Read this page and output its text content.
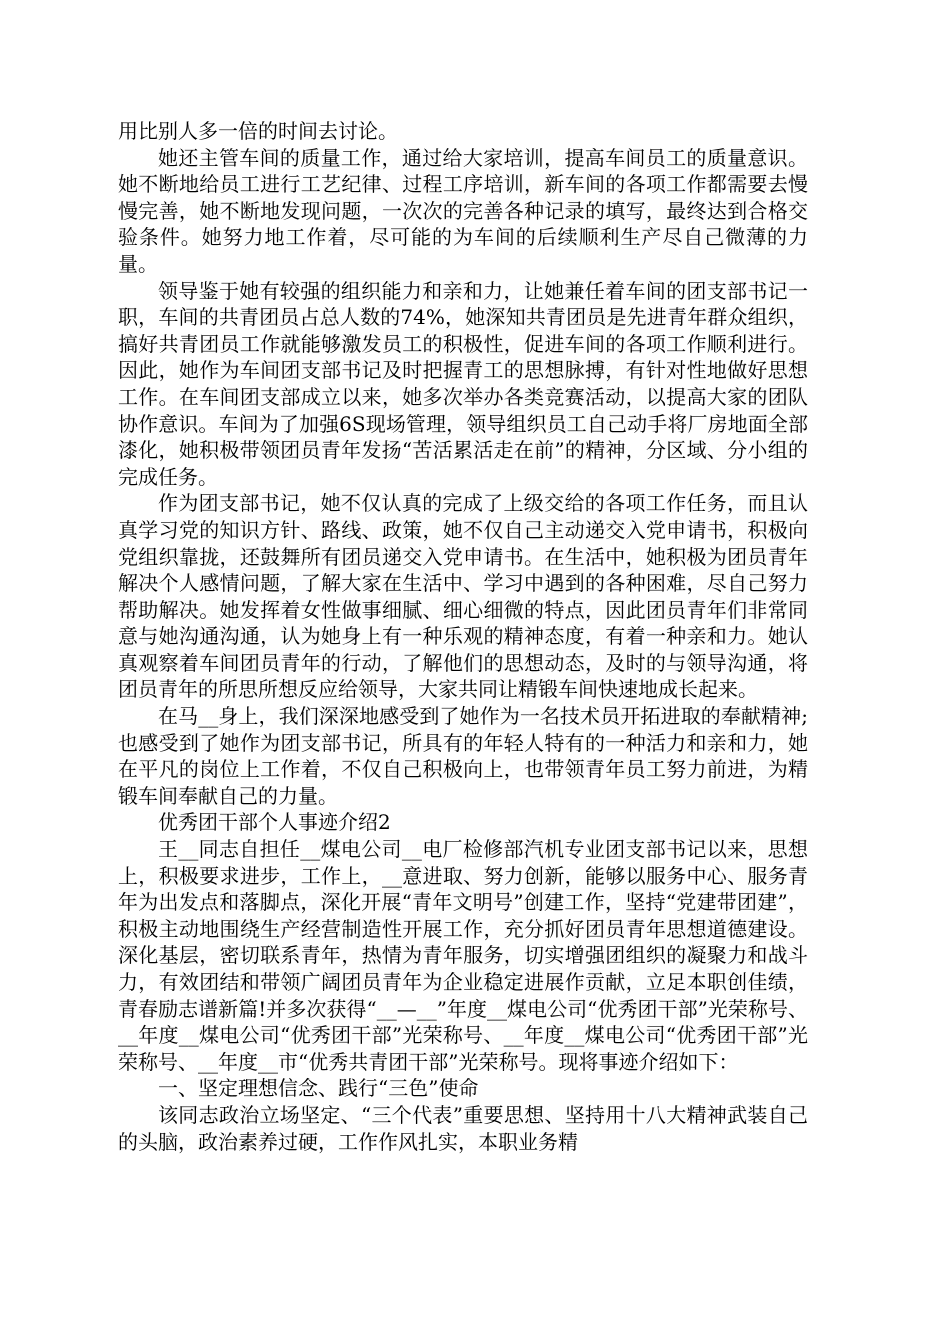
用比别人多一倍的时间去讨论。

她还主管车间的质量工作，通过给大家培训，提高车间员工的质量意识。她不断地给员工进行工艺纪律、过程工序培训，新车间的各项工作都需要去慢慢完善，她不断地发现问题，一次次的完善各种记录的填写，最终达到合格交验条件。她努力地工作着，尽可能的为车间的后续顺利生产尽自己微薄的力量。

领导鉴于她有较强的组织能力和亲和力，让她兼任着车间的团支部书记一职，车间的共青团员占总人数的74%，她深知共青团员是先进青年群众组织，搞好共青团员工作就能够激发员工的积极性，促进车间的各项工作顺利进行。因此，她作为车间团支部书记及时把握青工的思想脉搏，有针对性地做好思想工作。在车间团支部成立以来，她多次举办各类竞赛活动，以提高大家的团队协作意识。车间为了加强6S现场管理，领导组织员工自己动手将厂房地面全部漆化，她积极带领团员青年发扬“苦活累活走在前”的精神，分区域、分小组的完成任务。

作为团支部书记，她不仅认真的完成了上级交给的各项工作任务，而且认真学习党的知识方针、路线、政策，她不仅自己主动递交入党申请书，积极向党组织靠拢，还鼓舞所有团员递交入党申请书。在生活中，她积极为团员青年解决个人感情问题，了解大家在生活中、学习中遇到的各种困难，尽自己努力帮助解决。她发挥着女性做事细腻、细心细微的特点，因此团员青年们非常同意与她沟通沟通，认为她身上有一种乐观的精神态度，有着一种亲和力。她认真观察着车间团员青年的行动，了解他们的思想动态，及时的与领导沟通，将团员青年的所思所想反应给领导，大家共同让精锻车间快速地成长起来。

在马__身上，我们深深地感受到了她作为一名技术员开拓进取的奉献精神;也感受到了她作为团支部书记，所具有的年轻人特有的一种活力和亲和力，她在平凡的岗位上工作着，不仅自己积极向上，也带领青年员工努力前进，为精锻车间奉献自己的力量。

优秀团干部个人事迹介绍2

王__同志自担任__煤电公司__电厂检修部汽机专业团支部书记以来，思想上，积极要求进步，工作上，__意进取、努力创新，能够以服务中心、服务青年为出发点和落脚点，深化开展“青年文明号”创建工作，坚持“党建带团建”，积极主动地围绕生产经营制造性开展工作，充分抓好团员青年思想道德建设。深化基层，密切联系青年，热情为青年服务，切实增强团组织的凝聚力和战斗力，有效团结和带领广阔团员青年为企业稳定进展作贡献，立足本职创佳绩，青春励志谱新篇!并多次获得“__—__”年度__煤电公司“优秀团干部”光荣称号、__年度__煤电公司“优秀团干部”光荣称号、__年度__煤电公司“优秀团干部”光荣称号、__年度__市“优秀共青团干部”光荣称号。现将事迹介绍如下：

一、坚定理想信念、践行“三色”使命

该同志政治立场坚定、“三个代表”重要思想、坚持用十八大精神武装自己的头脑，政治素养过硬，工作作风扎实，本职业务精
